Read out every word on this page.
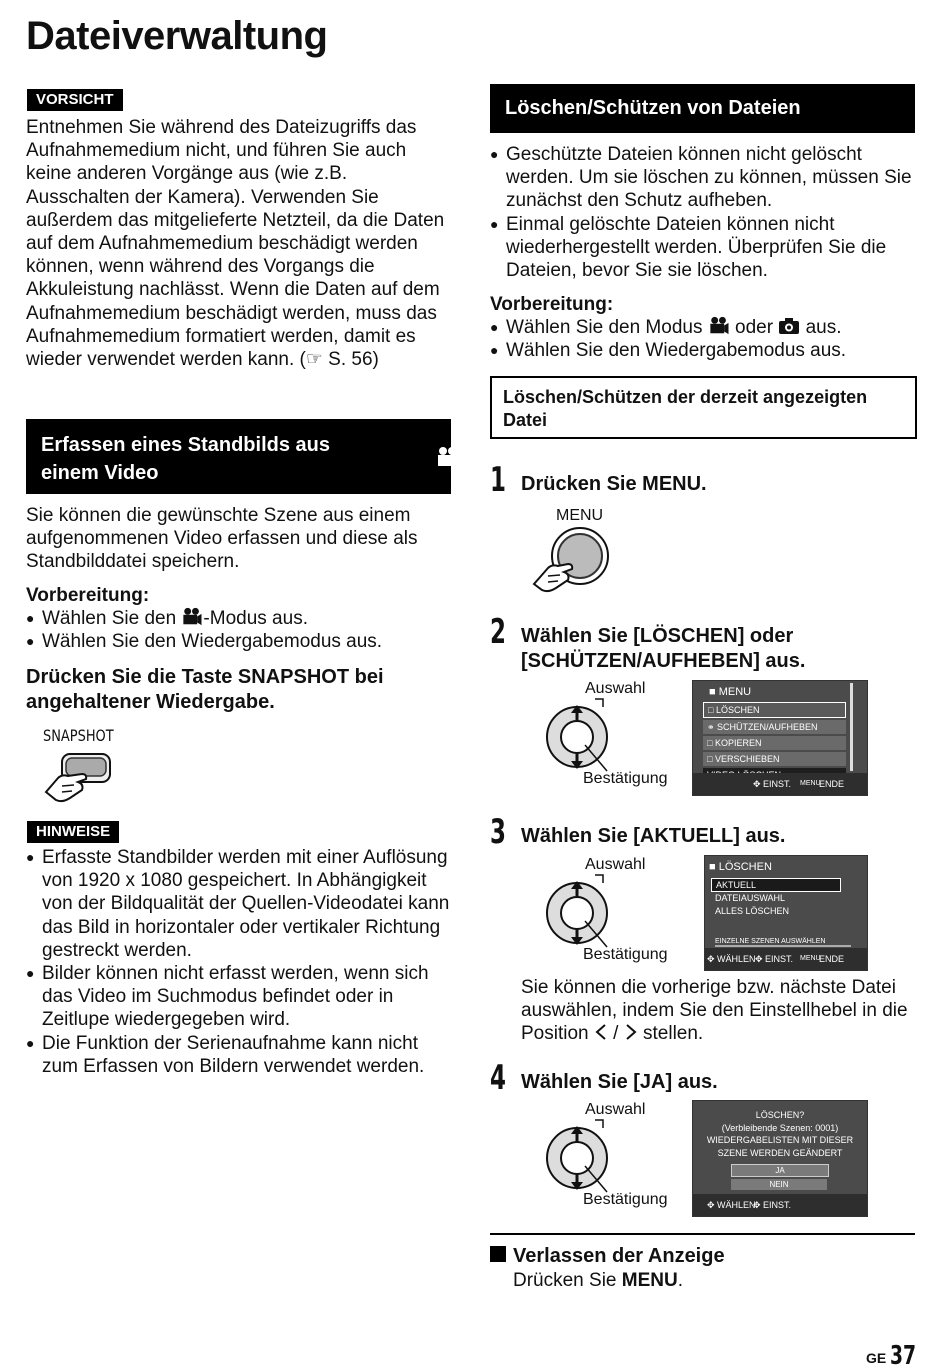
Dateiverwaltung
VORSICHT
Entnehmen Sie während des Dateizugriffs das Aufnahmemedium nicht, und führen Sie auch keine anderen Vorgänge aus (wie z.B. Ausschalten der Kamera). Verwenden Sie außerdem das mitgelieferte Netzteil, da die Daten auf dem Aufnahmemedium beschädigt werden können, wenn während des Vorgangs die Akkuleistung nachlässt. Wenn die Daten auf dem Aufnahmemedium beschädigt werden, muss das Aufnahmemedium formatiert werden, damit es wieder verwendet werden kann. (☞ S. 56)
Erfassen eines Standbilds aus einem Video
Sie können die gewünschte Szene aus einem aufgenommenen Video erfassen und diese als Standbilddatei speichern.
Vorbereitung:
● Wählen Sie den -Modus aus.
● Wählen Sie den Wiedergabemodus aus.
Drücken Sie die Taste SNAPSHOT bei angehaltener Wiedergabe.
SNAPSHOT
HINWEISE
● Erfasste Standbilder werden mit einer Auflösung von 1920 x 1080 gespeichert. In Abhängigkeit von der Bildqualität der Quellen-Videodatei kann das Bild in horizontaler oder vertikaler Richtung gestreckt werden.
● Bilder können nicht erfasst werden, wenn sich das Video im Suchmodus befindet oder in Zeitlupe wiedergegeben wird.
● Die Funktion der Serienaufnahme kann nicht zum Erfassen von Bildern verwendet werden.
Löschen/Schützen von Dateien
● Geschützte Dateien können nicht gelöscht werden. Um sie löschen zu können, müssen Sie zunächst den Schutz aufheben.
● Einmal gelöschte Dateien können nicht wiederhergestellt werden. Überprüfen Sie die Dateien, bevor Sie sie löschen.
Vorbereitung:
● Wählen Sie den Modus  oder  aus.
● Wählen Sie den Wiedergabemodus aus.
Löschen/Schützen der derzeit angezeigten Datei
1 Drücken Sie MENU.
MENU
2 Wählen Sie [LÖSCHEN] oder [SCHÜTZEN/AUFHEBEN] aus.
Auswahl
Bestätigung
■ MENU
□ LÖSCHEN
⚭ SCHÜTZEN/AUFHEBEN
□ KOPIEREN
□ VERSCHIEBEN
✥ EINST. MENU
ENDE
3 Wählen Sie [AKTUELL] aus.
Auswahl
Bestätigung
■ LÖSCHEN
AKTUELL
DATEIAUSWAHL
ALLES LÖSCHEN
EINZELNE SZENEN AUSWÄHLEN
✥ WÄHLEN ✥ EINST. MENU
ENDE
Sie können die vorherige bzw. nächste Datei auswählen, indem Sie den Einstellhebel in die Position  /  stellen.
4 Wählen Sie [JA] aus.
Auswahl
Bestätigung
LÖSCHEN?
(Verbleibende Szenen: 0001)
WIEDERGABELISTEN MIT DIESER
SZENE WERDEN GEÄNDERT
JA
NEIN
✥ WÄHLEN
✥ EINST.
Verlassen der Anzeige
Drücken Sie MENU.
GE 37
